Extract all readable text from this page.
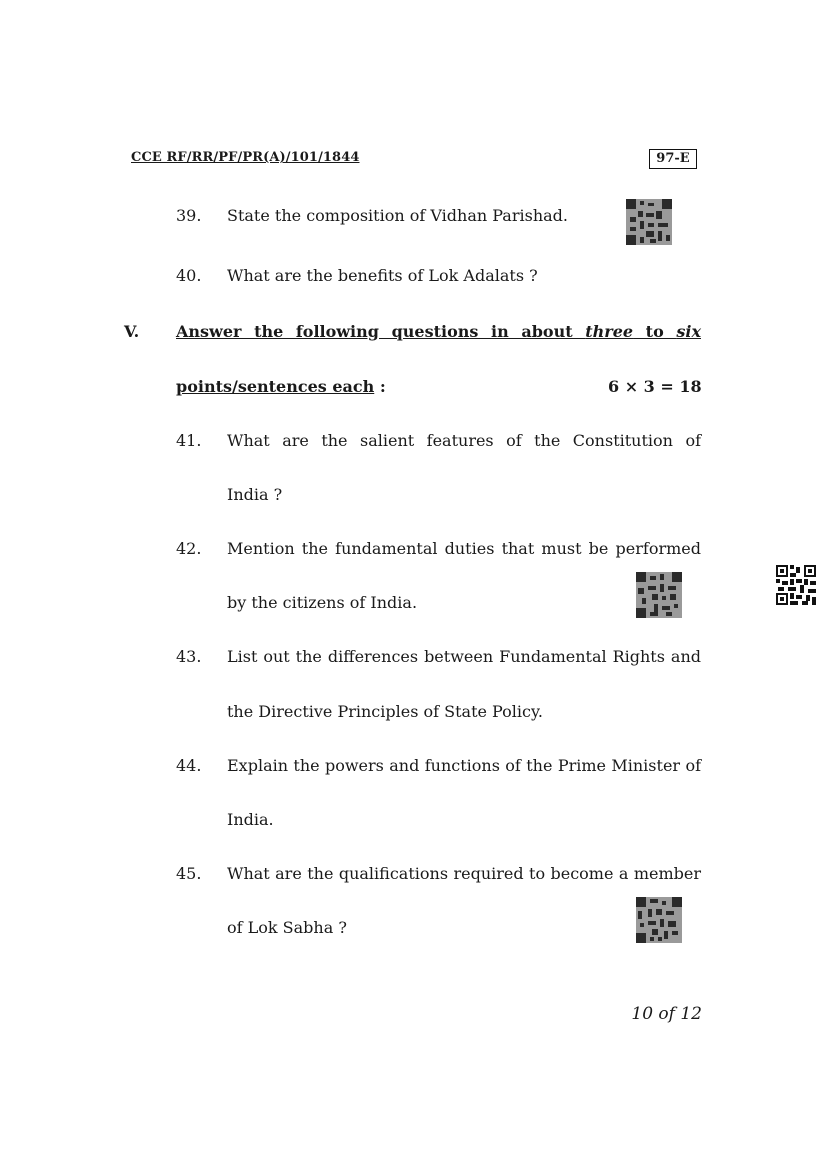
CCE RF/RR/PF/PR(A)/101/1844	97-E
39. State the composition of Vidhan Parishad.
40. What are the benefits of Lok Adalats ?
V. Answer the following questions in about three to six
points/sentences each :	6 × 3 = 18
41. What are the salient features of the Constitution of
India ?
42. Mention the fundamental duties that must be performed
by the citizens of India.
43. List out the differences between Fundamental Rights and
the Directive Principles of State Policy.
44. Explain the powers and functions of the Prime Minister of
India.
45. What are the qualifications required to become a member
of Lok Sabha ?
10 of 12
